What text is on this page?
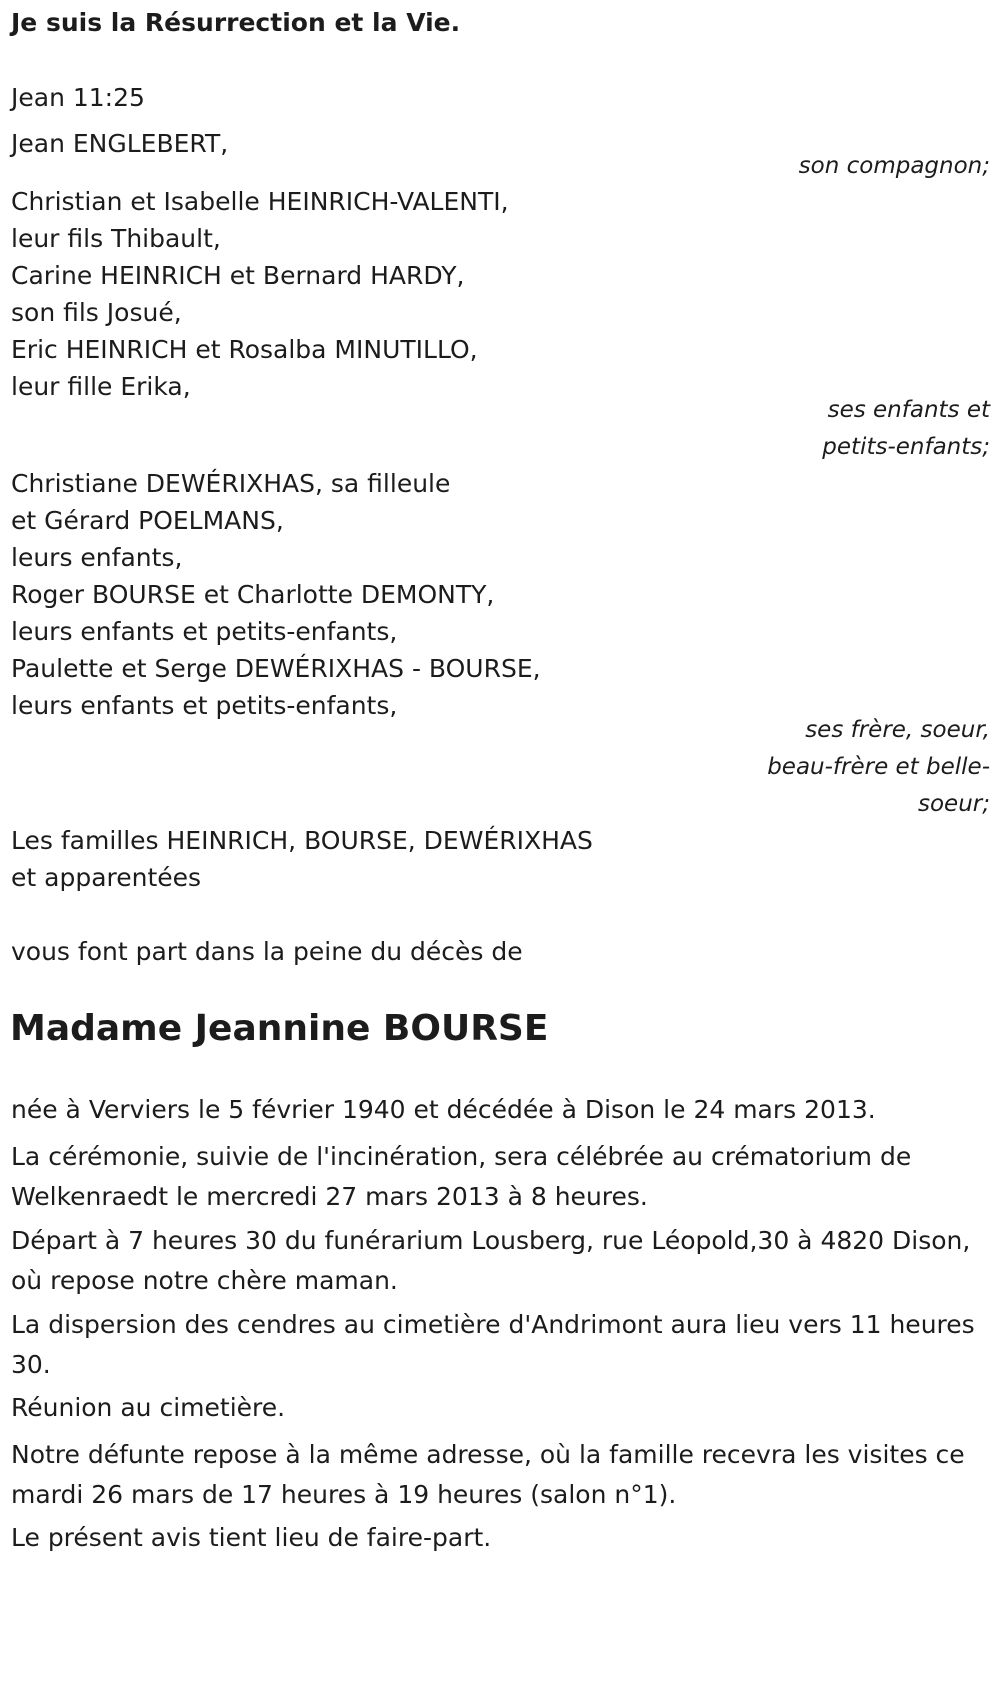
Je suis la Résurrection et la Vie.

Jean 11:25

Jean ENGLEBERT,

son compagnon;

Christian et Isabelle HEINRICH-VALENTI,

leur fils Thibault,

Carine HEINRICH et Bernard HARDY,

son fils Josué,

Eric HEINRICH et Rosalba MINUTILLO,

leur fille Erika,

ses enfants et

petits-enfants;

Christiane DEWÉRIXHAS, sa filleule

et Gérard POELMANS,

leurs enfants,

Roger BOURSE et Charlotte DEMONTY,

leurs enfants et petits-enfants,

Paulette et Serge DEWÉRIXHAS - BOURSE,

leurs enfants et petits-enfants,

ses frère, soeur,

beau-frère et belle-

soeur;

Les familles HEINRICH, BOURSE, DEWÉRIXHAS

et apparentées

vous font part dans la peine du décès de

Madame Jeannine BOURSE

née à Verviers le 5 février 1940 et décédée à Dison le 24 mars 2013.

La cérémonie, suivie de l'incinération, sera célébrée au crématorium de Welkenraedt le mercredi 27 mars 2013 à 8 heures.

Départ à 7 heures 30 du funérarium Lousberg, rue Léopold,30 à 4820 Dison, où repose notre chère maman.

La dispersion des cendres au cimetière d'Andrimont aura lieu vers 11 heures 30.

Réunion au cimetière.

Notre défunte repose à la même adresse, où la famille recevra les visites ce mardi 26 mars de 17 heures à 19 heures (salon n°1).

Le présent avis tient lieu de faire-part.
